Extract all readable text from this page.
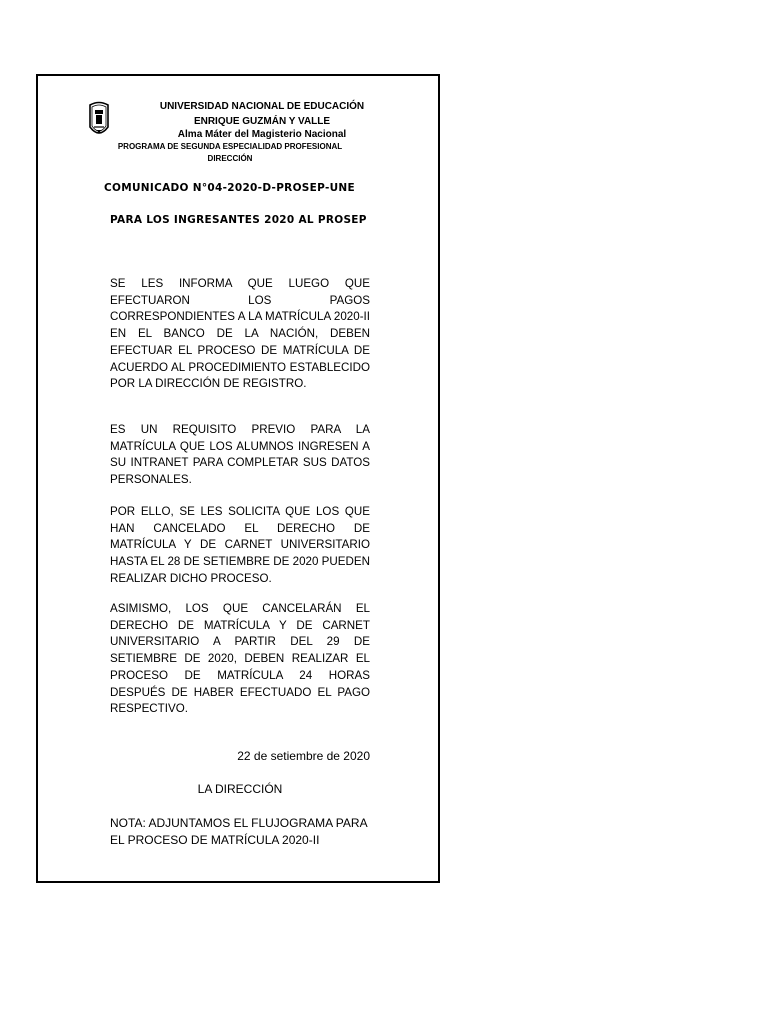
UNIVERSIDAD NACIONAL DE EDUCACIÓN
ENRIQUE GUZMÁN Y VALLE
Alma Máter del Magisterio Nacional
PROGRAMA DE SEGUNDA ESPECIALIDAD PROFESIONAL
DIRECCIÓN
COMUNICADO N°04-2020-D-PROSEP-UNE
PARA LOS INGRESANTES 2020 AL PROSEP

SE LES INFORMA QUE LUEGO QUE EFECTUARON LOS PAGOS CORRESPONDIENTES A LA MATRÍCULA 2020-II EN EL BANCO DE LA NACIÓN, DEBEN EFECTUAR EL PROCESO DE MATRÍCULA DE ACUERDO AL PROCEDIMIENTO ESTABLECIDO POR LA DIRECCIÓN DE REGISTRO.

ES UN REQUISITO PREVIO PARA LA MATRÍCULA QUE LOS ALUMNOS INGRESEN A SU INTRANET PARA COMPLETAR SUS DATOS PERSONALES.

POR ELLO, SE LES SOLICITA QUE LOS QUE HAN CANCELADO EL DERECHO DE MATRÍCULA Y DE CARNET UNIVERSITARIO HASTA EL 28 DE SETIEMBRE DE 2020 PUEDEN REALIZAR DICHO PROCESO.

ASIMISMO, LOS QUE CANCELARÁN EL DERECHO DE MATRÍCULA Y DE CARNET UNIVERSITARIO A PARTIR DEL 29 DE SETIEMBRE DE 2020, DEBEN REALIZAR EL PROCESO DE MATRÍCULA 24 HORAS DESPUÉS DE HABER EFECTUADO EL PAGO RESPECTIVO.

22 de setiembre de 2020
LA DIRECCIÓN
NOTA: ADJUNTAMOS EL FLUJOGRAMA PARA EL PROCESO DE MATRÍCULA 2020-II
